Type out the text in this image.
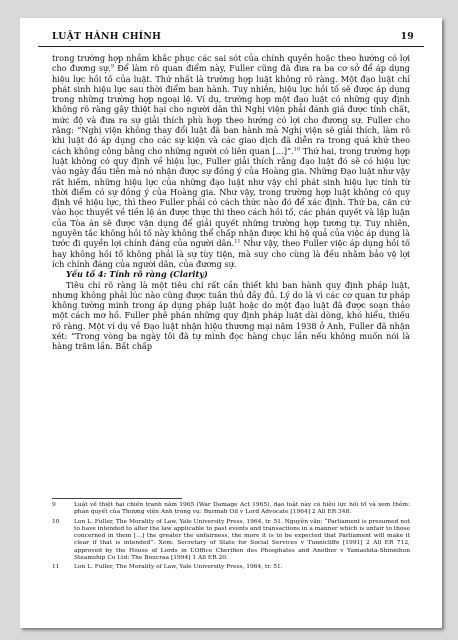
LUẬT HÀNH CHÍNH	19

trong trường hợp nhầm khắc phục các sai sót của chính quyền hoặc theo hướng có lợi cho đương sự.$^9$ Để làm rõ quan điểm này, Fuller cũng đã đưa ra ba cơ sở để áp dụng hiệu lực hồi tố của luật. Thứ nhất là trường hợp luật không rõ ràng. Một đạo luật chỉ phát sinh hiệu lực sau thời điểm ban hành. Tuy nhiên, hiệu lực hồi tố sẽ được áp dụng trong những trường hợp ngoại lệ. Ví dụ, trường hợp một đạo luật có những quy định không rõ ràng gây thiệt hại cho người dân thì Nghị viện phải đánh giá được tính chất, mức độ và đưa ra sự giải thích phù hợp theo hướng có lợi cho đương sự. Fuller cho rằng: “Nghị viện không thay đổi luật đã ban hành mà Nghị viện sẽ giải thích, làm rõ khi luật đó áp dụng cho các sự kiện và các giao dịch đã diễn ra trong quá khứ theo cách không công bằng cho những người có liên quan […]”.$^{10}$ Thứ hai, trong trường hợp luật không có quy định về hiệu lực, Fuller giải thích rằng đạo luật đó sẽ có hiệu lực vào ngày đầu tiên mà nó nhận được sự đồng ý của Hoàng gia. Những Đạo luật như vậy rất hiếm, những hiệu lực của những đạo luật như vậy chỉ phát sinh hiệu lực tính từ thời điểm có sự đồng ý của Hoàng gia. Như vậy, trong trường hợp luật không có quy định về hiệu lực, thì theo Fuller phải có cách thức nào đó để xác định. Thứ ba, căn cứ vào học thuyết về tiền lệ án được thực thi theo cách hồi tố, các phán quyết và lập luận của Tòa án sẽ được vận dụng để giải quyết những trường hợp tương tự. Tuy nhiên, nguyên tắc không hồi tố này không thể chấp nhận được khi hệ quả của việc áp dụng là tước đi quyền lợi chính đáng của người dân.$^{11}$ Như vậy, theo Fuller việc áp dụng hồi tố hay không hồi tố không phải là sự tùy tiện, mà suy cho cùng là đều nhằm bảo vệ lợi ích chính đáng của người dân, của đương sự.

Yếu tố 4: Tính rõ ràng (Clarity)

Tiêu chí rõ ràng là một tiêu chí rất cần thiết khi ban hành quy định pháp luật, nhưng không phải lúc nào cũng được tuân thủ đầy đủ. Lý do là vì các cơ quan tư pháp không tường minh trong áp dụng pháp luật hoặc do một đạo luật đã được soạn thảo một cách mơ hồ. Fuller phê phán những quy định pháp luật dài dòng, khó hiểu, thiếu rõ ràng. Một ví dụ về Đạo luật nhận hiệu thương mại năm 1938 ở Anh, Fuller đã nhận xét: “Trong vòng ba ngày tôi đã tự mình đọc hàng chục lần nếu không muốn nói là hàng trăm lần. Bất chấp

9	Luật về thiệt hại chiến tranh năm 1965 (War Damage Act 1965), đạo luật này có hiệu lực hồi tố và xem thêm: phán quyết của Thượng viện Anh trong vụ: Burmah Oil v Lord Advocate [1964] 2 All ER 348.
10	Lon L. Fuller, The Morality of Law, Yale University Press, 1964, tr. 51. Nguyên văn: “Parliament is presumed not to have intended to alter the law applicable to past events and transactions in a manner which is unfair to those concerned in them […] the greater the unfairness, the more it is to be expected that Parliament will make it clear if that is intended”. Xem: Secretary of State for Social Services v Tunnicliffe [1991] 2 All ER 712, approved by the House of Lords in L’Office Cherifien des Phosphates and Another v Yamashita-Shinnihon Steamship Co Ltd: The Boucraa [1994] 1 All ER 20.
11	Lon L. Fuller, The Morality of Law, Yale University Press, 1964, tr. 51.
